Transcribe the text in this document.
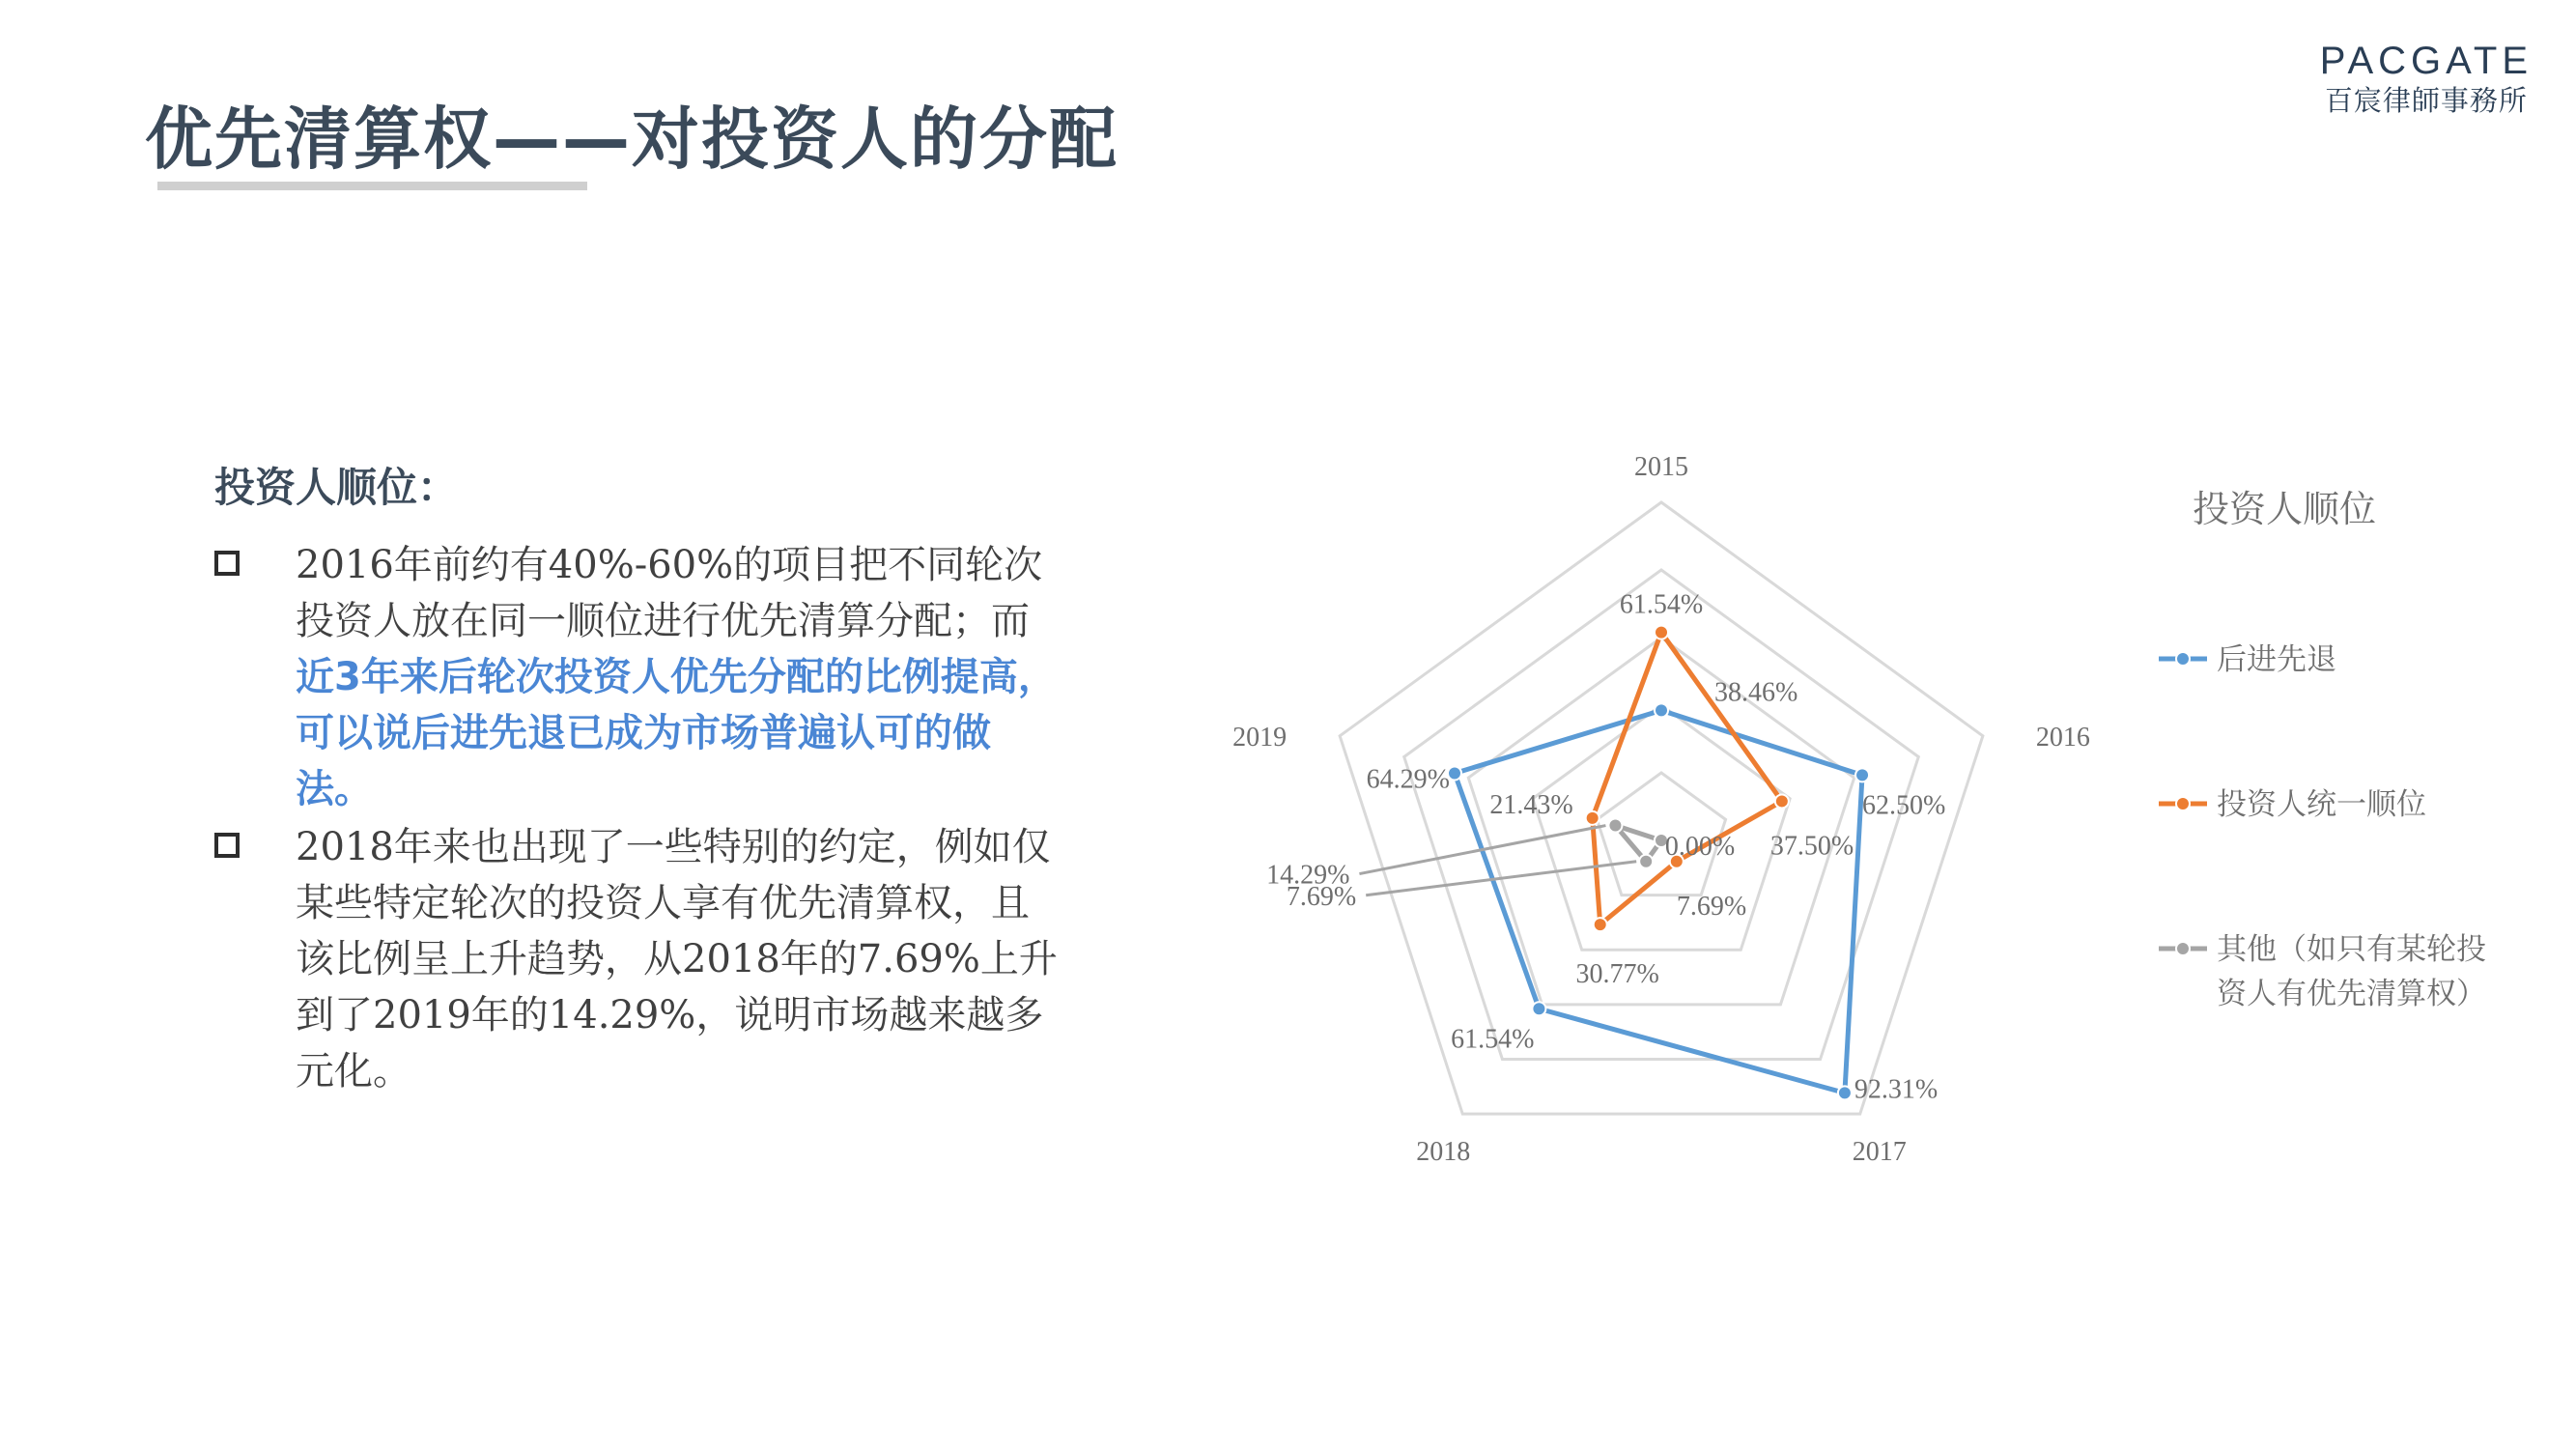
优先清算权——对投资人的分配
PACGATE
百宸律師事務所
投资人顺位：
2016年前约有40%-60%的项目把不同轮次投资人放在同一顺位进行优先清算分配；而近3年来后轮次投资人优先分配的比例提高，可以说后进先退已成为市场普遍认可的做法。
2018年来也出现了一些特别的约定，例如仅某些特定轮次的投资人享有优先清算权，且该比例呈上升趋势，从2018年的7.69%上升到了2019年的14.29%，说明市场越来越多元化。
2015
2016
2017
2018
2019
38.46%
62.50%
92.31%
61.54%
64.29%
61.54%
37.50%
7.69%
30.77%
21.43%
0.00%
7.69%
14.29%
投资人顺位
后进先退
投资人统一顺位
其他（如只有某轮投
资人有优先清算权）
